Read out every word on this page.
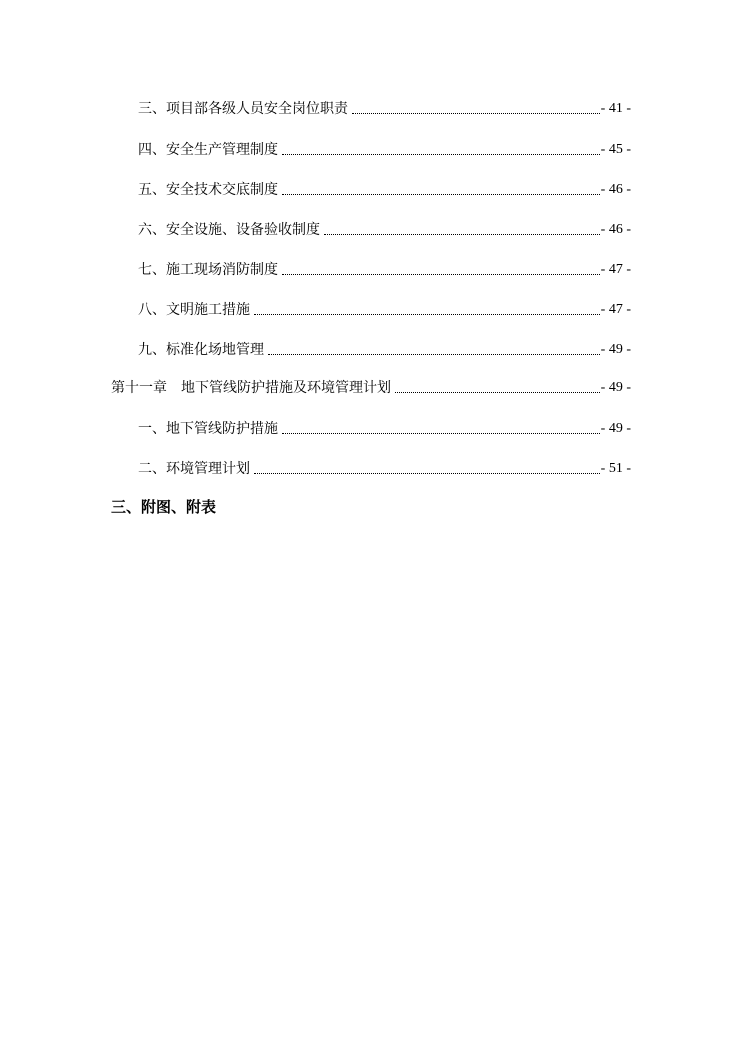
三、项目部各级人员安全岗位职责	- 41 -
四、安全生产管理制度	- 45 -
五、安全技术交底制度	- 46 -
六、安全设施、设备验收制度	- 46 -
七、施工现场消防制度	- 47 -
八、文明施工措施	- 47 -
九、标准化场地管理	- 49 -
第十一章　地下管线防护措施及环境管理计划	- 49 -
一、地下管线防护措施	- 49 -
二、环境管理计划	- 51 -
三、附图、附表
